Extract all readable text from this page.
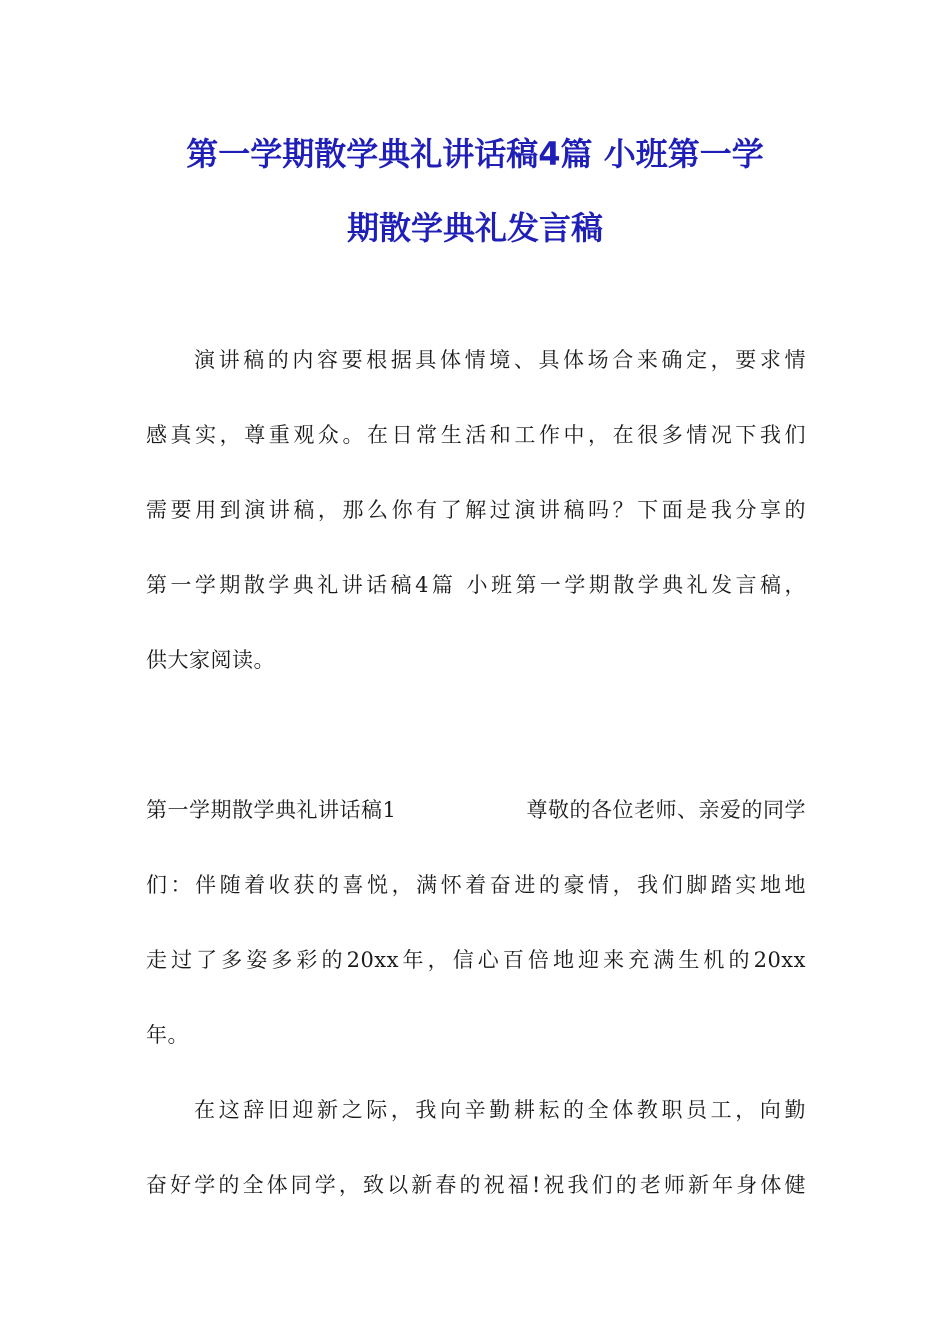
第一学期散学典礼讲话稿4篇 小班第一学
期散学典礼发言稿
演讲稿的内容要根据具体情境、具体场合来确定，要求情
感真实，尊重观众。在日常生活和工作中，在很多情况下我们
需要用到演讲稿，那么你有了解过演讲稿吗？下面是我分享的
第一学期散学典礼讲话稿4篇 小班第一学期散学典礼发言稿，
供大家阅读。
第一学期散学典礼讲话稿1	尊敬的各位老师、亲爱的同学
们：伴随着收获的喜悦，满怀着奋进的豪情，我们脚踏实地地
走过了多姿多彩的20xx年，信心百倍地迎来充满生机的20xx
年。
在这辞旧迎新之际，我向辛勤耕耘的全体教职员工，向勤
奋好学的全体同学，致以新春的祝福!祝我们的老师新年身体健
